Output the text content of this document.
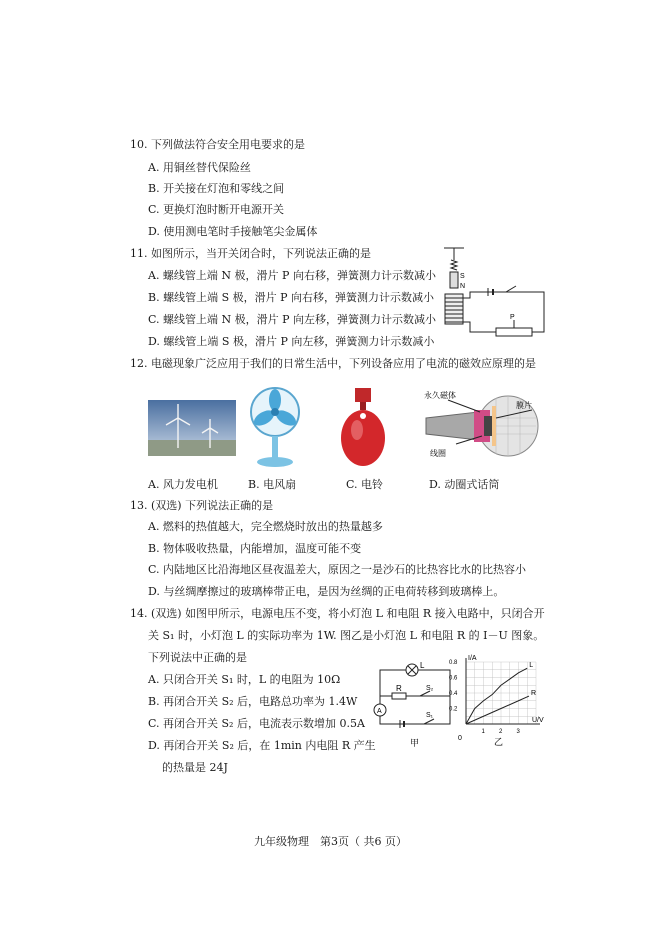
10. 下列做法符合安全用电要求的是
A. 用铜丝替代保险丝
B. 开关接在灯泡和零线之间
C. 更换灯泡时断开电源开关
D. 使用测电笔时手接触笔尖金属体
11. 如图所示，当开关闭合时，下列说法正确的是
A. 螺线管上端 N 极，滑片 P 向右移，弹簧测力计示数减小
B. 螺线管上端 S 极，滑片 P 向右移，弹簧测力计示数减小
C. 螺线管上端 N 极，滑片 P 向左移，弹簧测力计示数减小
D. 螺线管上端 S 极，滑片 P 向左移，弹簧测力计示数减小
S
N
P
12. 电磁现象广泛应用于我们的日常生活中，下列设备应用了电流的磁效应原理的是
永久磁体
膜片
线圈
A. 风力发电机	B. 电风扇	C. 电铃	D. 动圈式话筒
13. (双选) 下列说法正确的是
A. 燃料的热值越大，完全燃烧时放出的热量越多
B. 物体吸收热量，内能增加，温度可能不变
C. 内陆地区比沿海地区昼夜温差大，原因之一是沙石的比热容比水的比热容小
D. 与丝绸摩擦过的玻璃棒带正电，是因为丝绸的正电荷转移到玻璃棒上。
14. (双选) 如图甲所示，电源电压不变，将小灯泡 L 和电阻 R 接入电路中，只闭合开
关 S₁ 时，小灯泡 L 的实际功率为 1W. 图乙是小灯泡 L 和电阻 R 的 I－U 图象。
下列说法中正确的是
A. 只闭合开关 S₁ 时，L 的电阻为 10Ω
B. 再闭合开关 S₂ 后，电路总功率为 1.4W
C. 再闭合开关 S₂ 后，电流表示数增加 0.5A
D. 再闭合开关 S₂ 后，在 1min 内电阻 R 产生
的热量是 24J
L
R	S₂
A
S₁
甲
I/A
U/V
0
0.8
0.6
0.4
0.2
1 2 3
L
R
乙
九年级物理　第3页（ 共6 页）
